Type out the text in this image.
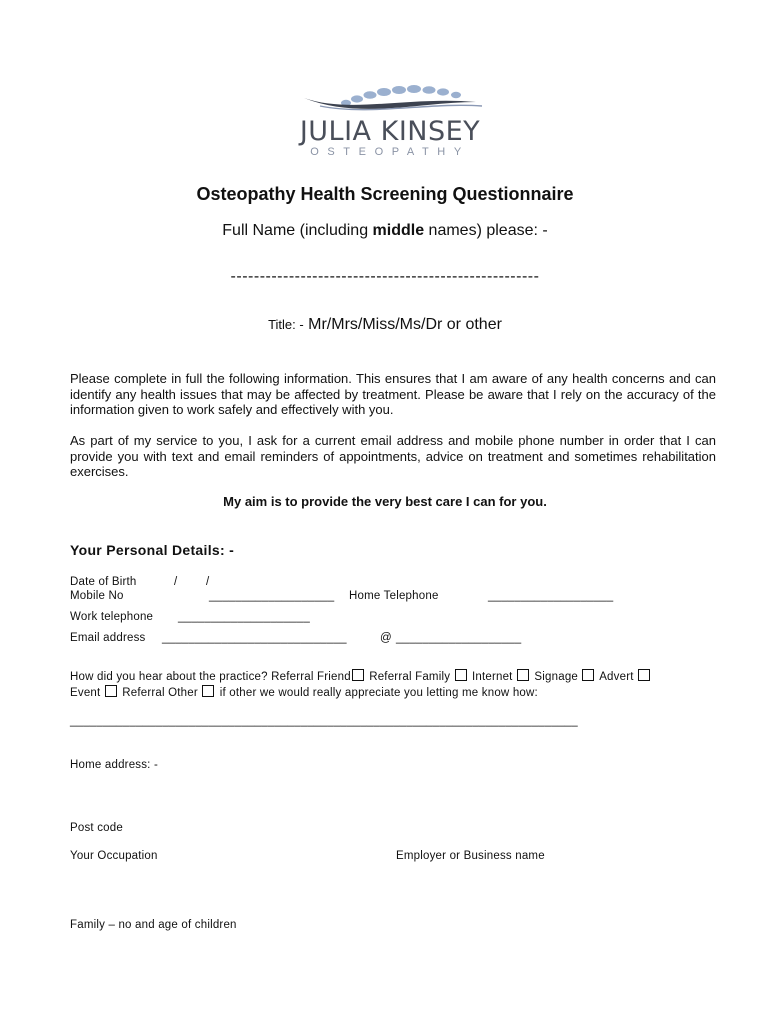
JULIA KINSEY
OSTEOPATHY
Osteopathy Health Screening Questionnaire
Full Name (including middle names) please: -
-----------------------------------------------------
Title: - Mr/Mrs/Miss/Ms/Dr or other
Please complete in full the following information. This ensures that I am aware of any health concerns and can identify any health issues that may be affected by treatment. Please be aware that I rely on the accuracy of the information given to work safely and effectively with you.
As part of my service to you, I ask for a current email address and mobile phone number in order that I can provide you with text and email reminders of appointments, advice on treatment and sometimes rehabilitation exercises.
My aim is to provide the very best care I can for you.
Your Personal Details: -
Date of Birth	/ /
Mobile No	___________________ Home Telephone	___________________
Work telephone ____________________
Email address ____________________________	@ ___________________
How did you hear about the practice? Referral Friend Referral Family Internet Signage Advert
Event Referral Other if other we would really appreciate you letting me know how:
_____________________________________________________________________________
Home address: -
Post code
Your Occupation	Employer or Business name
Family – no and age of children
